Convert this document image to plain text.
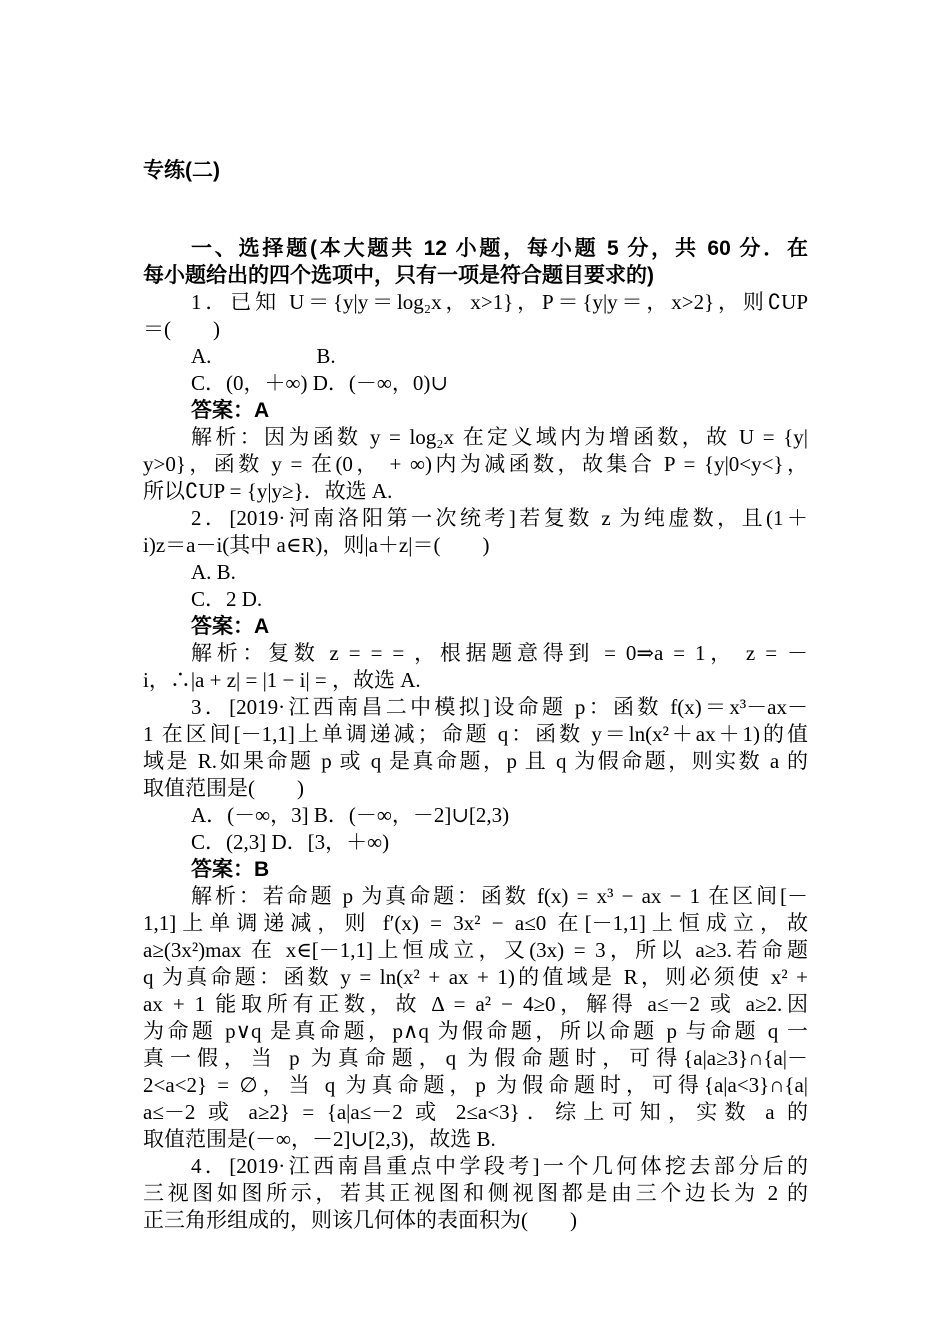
专练(二)

一、选择题(本大题共 12 小题，每小题 5 分，共 60 分．在

每小题给出的四个选项中，只有一项是符合题目要求的)

1．已知 U＝{y|y＝log₂x，x>1}，P＝{y|y＝，x>2}，则∁UP

＝(　　)

A.　　　　　B.

C．(0，＋∞) D．(－∞，0)∪

答案：A

解析：因为函数 y = log₂x 在定义域内为增函数，故 U = {y|

y>0}，函数 y = 在(0， + ∞)内为减函数，故集合 P = {y|0<y<}，

所以∁UP = {y|y≥}．故选 A.

2．[2019·河南洛阳第一次统考]若复数 z 为纯虚数，且(1＋

i)z＝a－i(其中 a∈R)，则|a＋z|＝(　　)

A. B.

C．2 D.

答案：A

解析：复数 z = = = ，根据题意得到 = 0⇒a = 1， z = －

i，∴|a + z| = |1 − i| = ，故选 A.

3．[2019·江西南昌二中模拟]设命题 p：函数 f(x)＝x³－ax－

1 在区间[－1,1]上单调递减；命题 q：函数 y＝ln(x²＋ax＋1)的值

域是 R.如果命题 p 或 q 是真命题，p 且 q 为假命题，则实数 a 的

取值范围是(　　)

A．(－∞，3] B．(－∞，－2]∪[2,3)

C．(2,3] D．[3，＋∞)

答案：B

解析：若命题 p 为真命题：函数 f(x) = x³ − ax − 1 在区间[－

1,1]上单调递减，则 f′(x) = 3x² − a≤0 在[－1,1]上恒成立，故

a≥(3x²)max 在 x∈[－1,1]上恒成立，又(3x) = 3，所以 a≥3.若命题

q 为真命题：函数 y = ln(x² + ax + 1)的值域是 R，则必须使 x² +

ax + 1 能取所有正数，故 Δ = a² − 4≥0，解得 a≤－2 或 a≥2.因

为命题 p∨q 是真命题，p∧q 为假命题，所以命题 p 与命题 q 一

真一假，当 p 为真命题，q 为假命题时，可得{a|a≥3}∩{a|－

2<a<2} = ∅，当 q 为真命题，p 为假命题时，可得{a|a<3}∩{a|

a≤－2 或 a≥2} = {a|a≤－2 或 2≤a<3}．综上可知，实数 a 的

取值范围是(－∞，－2]∪[2,3)，故选 B.

4．[2019·江西南昌重点中学段考]一个几何体挖去部分后的

三视图如图所示，若其正视图和侧视图都是由三个边长为 2 的

正三角形组成的，则该几何体的表面积为(　　)
